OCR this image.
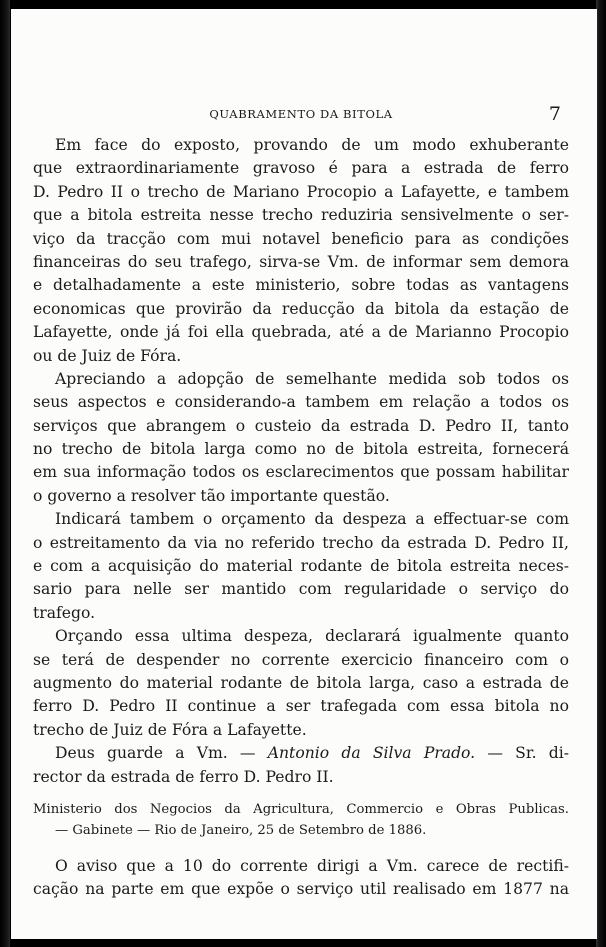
QUABRAMENTO DA BITOLA	7
Em face do exposto, provando de um modo exhuberante
que extraordinariamente gravoso é para a estrada de ferro
D. Pedro II o trecho de Mariano Procopio a Lafayette, e tambem
que a bitola estreita nesse trecho reduziria sensivelmente o ser-
viço da tracção com mui notavel beneficio para as condições
financeiras do seu trafego, sirva-se Vm. de informar sem demora
e detalhadamente a este ministerio, sobre todas as vantagens
economicas que provirão da reducção da bitola da estação de
Lafayette, onde já foi ella quebrada, até a de Marianno Procopio
ou de Juiz de Fóra.
Apreciando a adopção de semelhante medida sob todos os
seus aspectos e considerando-a tambem em relação a todos os
serviços que abrangem o custeio da estrada D. Pedro II, tanto
no trecho de bitola larga como no de bitola estreita, fornecerá
em sua informação todos os esclarecimentos que possam habilitar
o governo a resolver tão importante questão.
Indicará tambem o orçamento da despeza a effectuar-se com
o estreitamento da via no referido trecho da estrada D. Pedro II,
e com a acquisição do material rodante de bitola estreita neces-
sario para nelle ser mantido com regularidade o serviço do
trafego.
Orçando essa ultima despeza, declarará igualmente quanto
se terá de despender no corrente exercicio financeiro com o
augmento do material rodante de bitola larga, caso a estrada de
ferro D. Pedro II continue a ser trafegada com essa bitola no
trecho de Juiz de Fóra a Lafayette.
Deus guarde a Vm. — Antonio da Silva Prado. — Sr. di-
rector da estrada de ferro D. Pedro II.
Ministerio dos Negocios da Agricultura, Commercio e Obras Publicas.
— Gabinete — Rio de Janeiro, 25 de Setembro de 1886.
O aviso que a 10 do corrente dirigi a Vm. carece de rectifi-
cação na parte em que expõe o serviço util realisado em 1877 na
